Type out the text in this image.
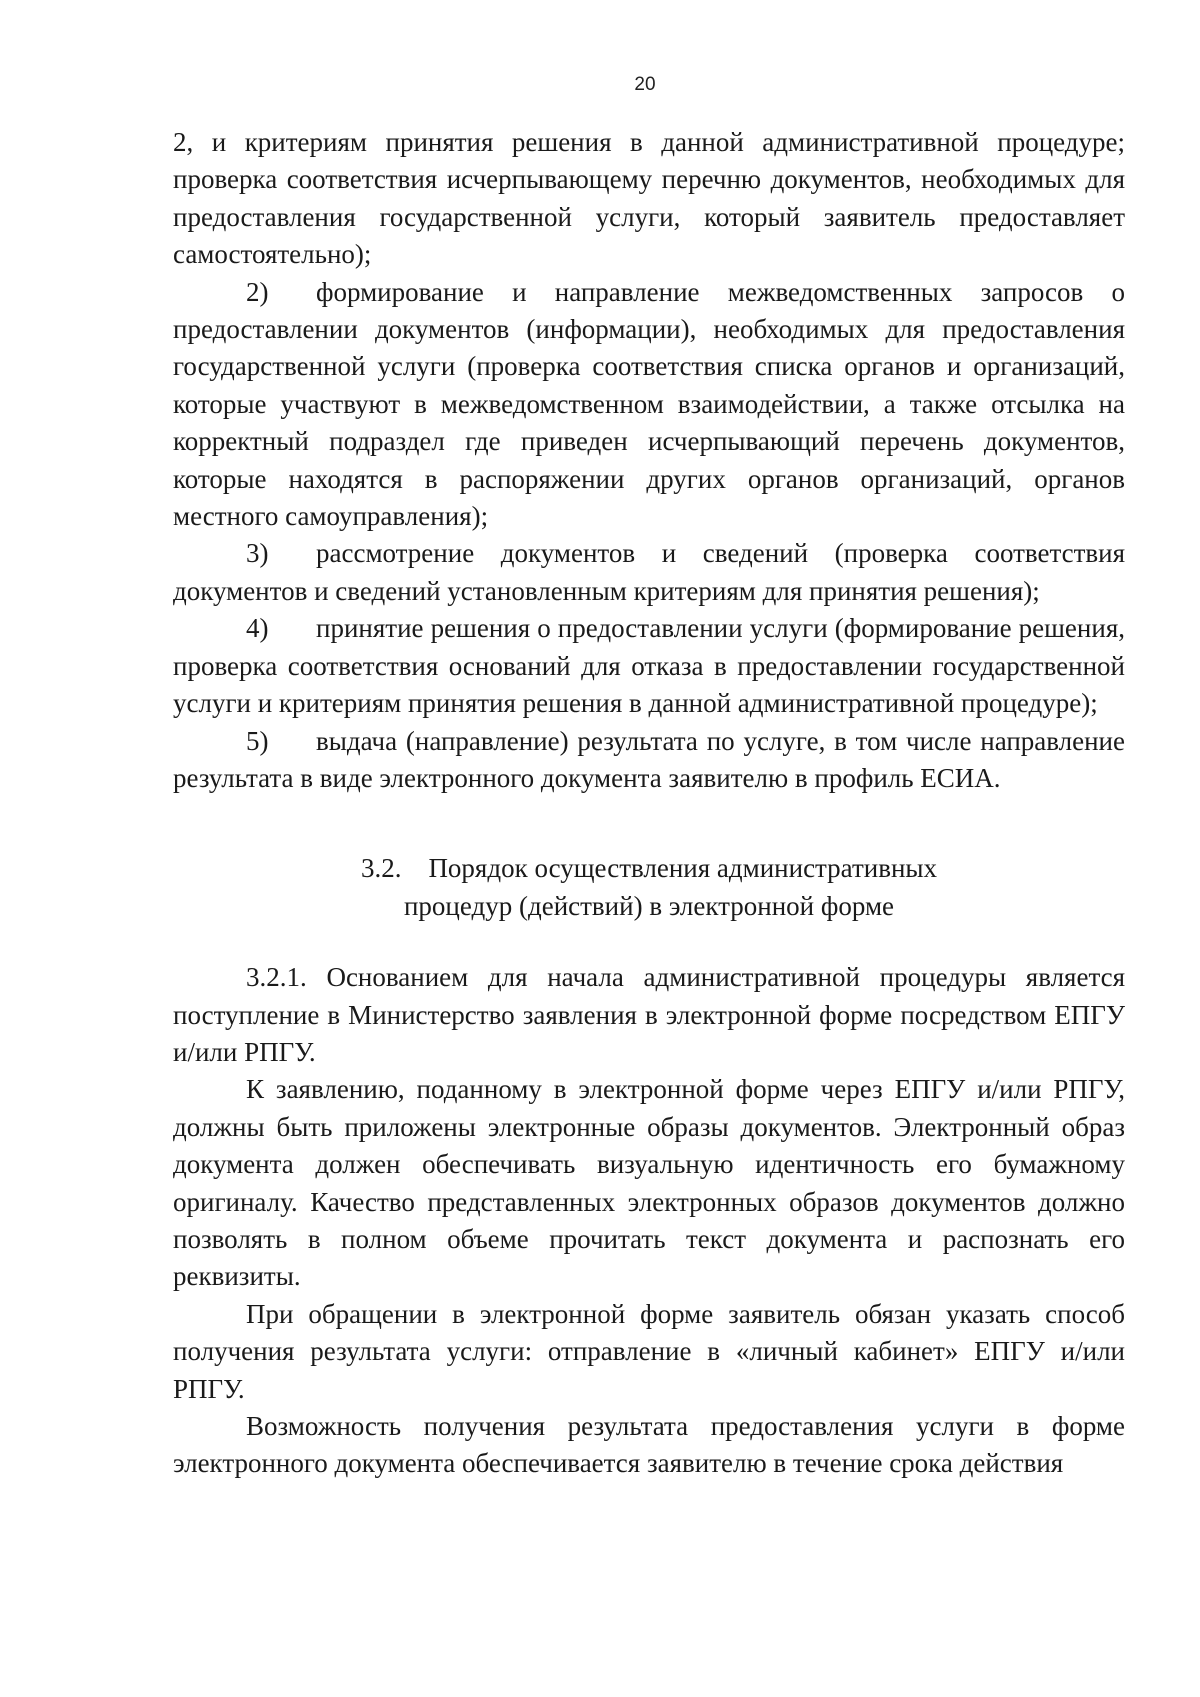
20

2, и критериям принятия решения в данной административной процедуре; проверка соответствия исчерпывающему перечню документов, необходимых для предоставления государственной услуги, который заявитель предоставляет самостоятельно);

2) формирование и направление межведомственных запросов о предоставлении документов (информации), необходимых для предоставления государственной услуги (проверка соответствия списка органов и организаций, которые участвуют в межведомственном взаимодействии, а также отсылка на корректный подраздел где приведен исчерпывающий перечень документов, которые находятся в распоряжении других органов организаций, органов местного самоуправления);

3) рассмотрение документов и сведений (проверка соответствия документов и сведений установленным критериям для принятия решения);

4) принятие решения о предоставлении услуги (формирование решения, проверка соответствия оснований для отказа в предоставлении государственной услуги и критериям принятия решения в данной административной процедуре);

5) выдача (направление) результата по услуге, в том числе направление результата в виде электронного документа заявителю в профиль ЕСИА.

3.2. Порядок осуществления административных
процедур (действий) в электронной форме

3.2.1. Основанием для начала административной процедуры является поступление в Министерство заявления в электронной форме посредством ЕПГУ и/или РПГУ.

К заявлению, поданному в электронной форме через ЕПГУ и/или РПГУ, должны быть приложены электронные образы документов. Электронный образ документа должен обеспечивать визуальную идентичность его бумажному оригиналу. Качество представленных электронных образов документов должно позволять в полном объеме прочитать текст документа и распознать его реквизиты.

При обращении в электронной форме заявитель обязан указать способ получения результата услуги: отправление в «личный кабинет» ЕПГУ и/или РПГУ.

Возможность получения результата предоставления услуги в форме электронного документа обеспечивается заявителю в течение срока действия
